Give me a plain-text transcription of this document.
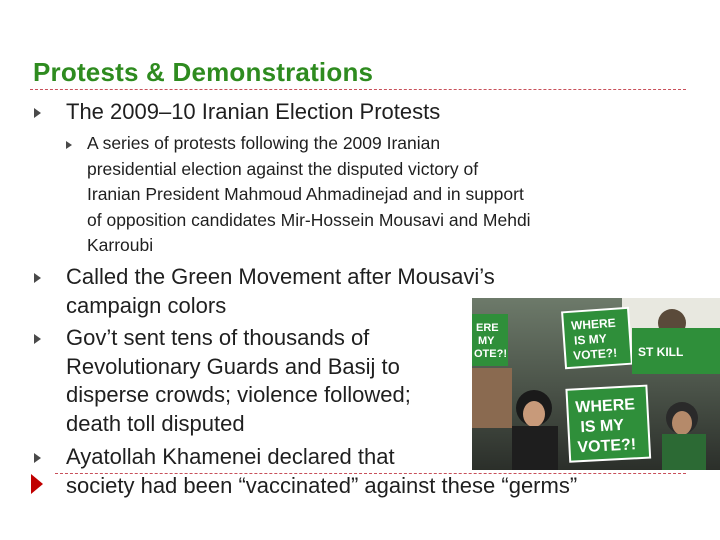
Protests & Demonstrations
The 2009–10 Iranian Election Protests
A series of protests following the 2009 Iranian
presidential election against the disputed victory of
Iranian President Mahmoud Ahmadinejad and in support
of opposition candidates Mir-Hossein Mousavi and Mehdi
Karroubi
ERE
MY
OTE?!
WHERE
IS MY
VOTE?! ST KILL
WHERE
IS MY
VOTE?!
Called the Green Movement after Mousavi’s
campaign colors
Gov’t sent tens of thousands of
Revolutionary Guards and Basij to
disperse crowds; violence followed;
death toll disputed
Ayatollah Khamenei declared that
society had been “vaccinated” against these “germs”
